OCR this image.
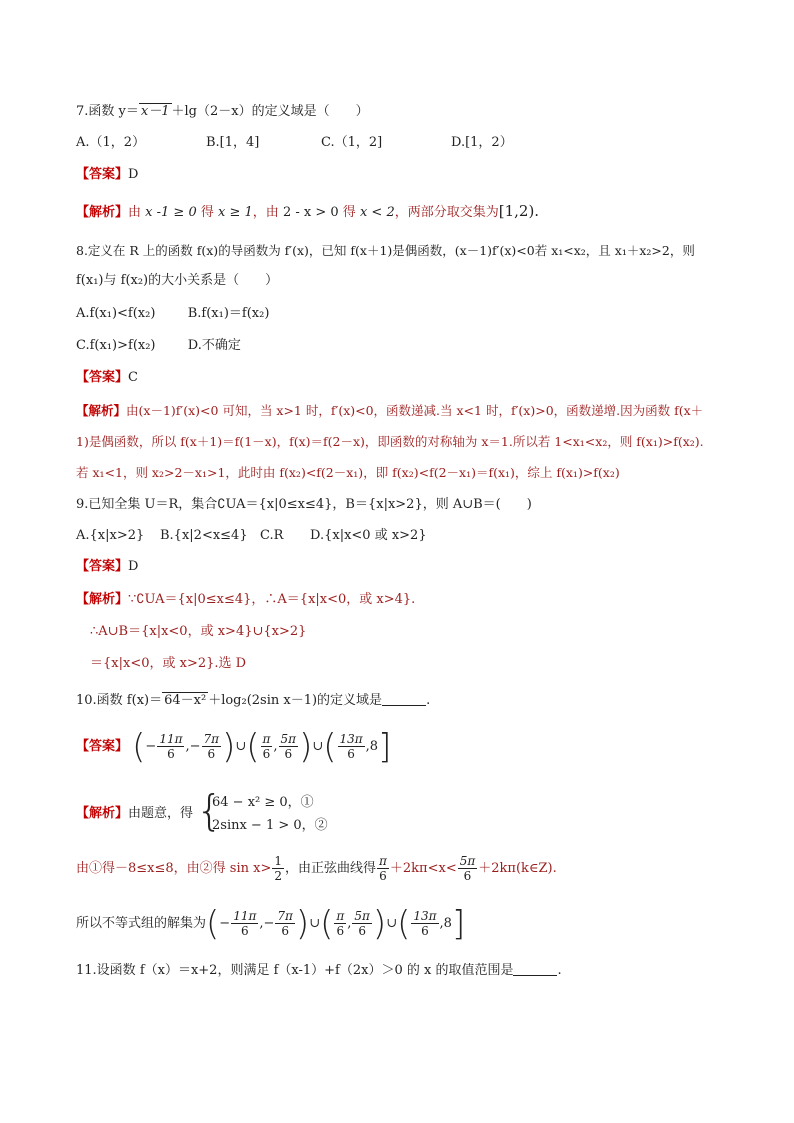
7.函数 y＝ x－1 ＋lg（2－x）的定义域是（　　）
A.（1，2）	B.[1，4]	C.（1，2]	D.[1，2）
【答案】D
【解析】由 x -1 ≥ 0 得 x ≥ 1，由 2 - x > 0 得 x < 2，两部分取交集为[1,2).
8.定义在 R 上的函数 f(x)的导函数为 f′(x)，已知 f(x＋1)是偶函数，(x－1)f′(x)<0若 x₁<x₂，且 x₁＋x₂>2，则
f(x₁)与 f(x₂)的大小关系是（　　）
A.f(x₁)<f(x₂) B.f(x₁)＝f(x₂)
C.f(x₁)>f(x₂) D.不确定
【答案】C
【解析】由(x－1)f′(x)<0 可知，当 x>1 时，f′(x)<0，函数递减.当 x<1 时，f′(x)>0，函数递增.因为函数 f(x＋
1)是偶函数，所以 f(x＋1)＝f(1－x)，f(x)＝f(2－x)，即函数的对称轴为 x＝1.所以若 1<x₁<x₂，则 f(x₁)>f(x₂).
若 x₁<1，则 x₂>2－x₁>1，此时由 f(x₂)<f(2－x₁)，即 f(x₂)<f(2－x₁)＝f(x₁)，综上 f(x₁)>f(x₂)
9.已知全集 U＝R，集合∁UA＝{x|0≤x≤4}，B＝{x|x>2}，则 A∪B＝(　　)
A.{x|x>2} B.{x|2<x≤4} C.R D.{x|x<0 或 x>2}
【答案】D
【解析】∵∁UA＝{x|0≤x≤4}，∴A＝{x|x<0，或 x>4}.
∴A∪B＝{x|x<0，或 x>4}∪{x>2}
＝{x|x<0，或 x>2}.选 D
10.函数 f(x)＝ 64－x² ＋log₂(2sin x－1)的定义域是	.
【答案】 (− $\frac{11\pi}{6}$ ,− $\frac{7\pi}{6}$ )∪( $\frac{\pi}{6}$ , $\frac{5\pi}{6}$ )∪( $\frac{13\pi}{6} ,8$]
【解析】由题意，得 {
64 − x² ≥ 0，①
2sinx − 1 > 0，②
由①得－8≤x≤8，由②得 $\sin x> \frac{1}{2}$ ，由正弦曲线得 $\frac{\pi}{6} +2k\pi<x< \frac{5\pi}{6}$ ＋2kπ(k∈Z).
所以不等式组的解集为(− $\frac{11\pi}{6}$ ,− $\frac{7\pi}{6}$ )∪( $\frac{\pi}{6}$ , $\frac{5\pi}{6}$ )∪( $\frac{13\pi}{6} ,8$]
11.设函数 f（x）＝x+2，则满足 f（x-1）+f（2x）＞0 的 x 的取值范围是	.
